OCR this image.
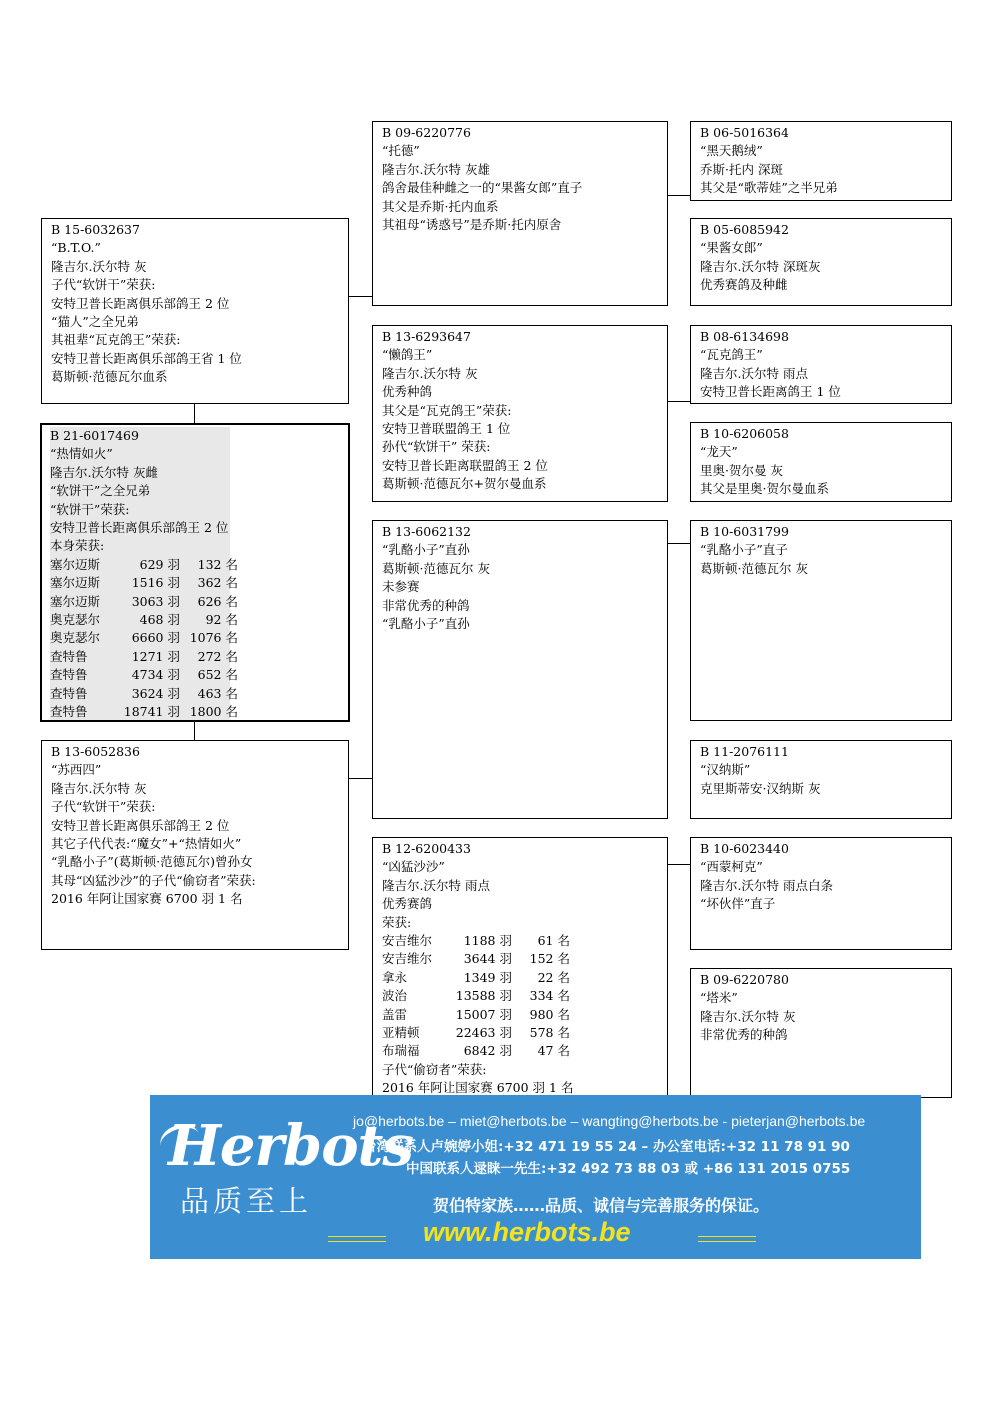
B 06-5016364
“黑天鹅绒”
乔斯·托内 深斑
其父是“歌蒂娃”之半兄弟
B 05-6085942
“果酱女郎”
隆吉尔.沃尔特 深斑灰
优秀赛鸽及种雌
B 08-6134698
“瓦克鸽王”
隆吉尔.沃尔特 雨点
安特卫普长距离鸽王 1 位
B 10-6206058
“龙天”
里奥·贺尔曼 灰
其父是里奥·贺尔曼血系
B 10-6031799
“乳酪小子”直子
葛斯顿·范德瓦尔 灰
B 11-2076111
“汉纳斯”
克里斯蒂安·汉纳斯 灰
B 10-6023440
“西蒙柯克”
隆吉尔.沃尔特 雨点白条
“坏伙伴”直子
B 09-6220780
“塔米”
隆吉尔.沃尔特 灰
非常优秀的种鸽
B 09-6220776
“托德”
隆吉尔.沃尔特 灰雄
鸽舍最佳种雌之一的“果酱女郎”直子
其父是乔斯·托内血系
其祖母“诱惑号”是乔斯·托内原舍
B 13-6293647
“懒鸽王”
隆吉尔.沃尔特 灰
优秀种鸽
其父是“瓦克鸽王”荣获:
安特卫普联盟鸽王 1 位
孙代“软饼干” 荣获:
安特卫普长距离联盟鸽王 2 位
葛斯顿·范德瓦尔+贺尔曼血系
B 13-6062132
“乳酪小子”直孙
葛斯顿·范德瓦尔 灰
未参赛
非常优秀的种鸽
“乳酪小子”直孙
B 12-6200433
“凶猛沙沙”
隆吉尔.沃尔特 雨点
优秀赛鸽
荣获:
安吉维尔	1188 羽 61 名
安吉维尔	3644 羽 152 名
拿永	1349 羽 22 名
波治	13588 羽 334 名
盖雷	15007 羽 980 名
亚精顿	22463 羽 578 名
布瑞福	6842 羽 47 名
子代“偷窃者”荣获:
2016 年阿让国家赛 6700 羽 1 名
B 15-6032637
“B.T.O.”
隆吉尔.沃尔特 灰
子代“软饼干”荣获:
安特卫普长距离俱乐部鸽王 2 位
“猫人”之全兄弟
其祖辈“瓦克鸽王”荣获:
安特卫普长距离俱乐部鸽王省 1 位
葛斯顿·范德瓦尔血系
B 21-6017469
“热情如火”
隆吉尔.沃尔特 灰雌
“软饼干”之全兄弟
“软饼干”荣获:
安特卫普长距离俱乐部鸽王 2 位
本身荣获:
塞尔迈斯	629 羽 132 名
塞尔迈斯	1516 羽 362 名
塞尔迈斯	3063 羽 626 名
奥克瑟尔	468 羽 92 名
奥克瑟尔	6660 羽 1076 名
查特鲁	1271 羽 272 名
查特鲁	4734 羽 652 名
查特鲁	3624 羽 463 名
查特鲁	18741 羽 1800 名
B 13-6052836
“苏西四”
隆吉尔.沃尔特 灰
子代“软饼干”荣获:
安特卫普长距离俱乐部鸽王 2 位
其它子代代表:“魔女”+“热情如火”
“乳酪小子”(葛斯顿·范德瓦尔)曾孙女
其母“凶猛沙沙”的子代“偷窃者”荣获:
2016 年阿让国家赛 6700 羽 1 名
Herbots
品质至上
jo@herbots.be – miet@herbots.be – wangting@herbots.be - pieterjan@herbots.be
台湾联系人卢婉婷小姐:+32 471 19 55 24 – 办公室电话:+32 11 78 91 90
中国联系人逯睐一先生:+32 492 73 88 03 或 +86 131 2015 0755
贺伯特家族……品质、诚信与完善服务的保证。
www.herbots.be
